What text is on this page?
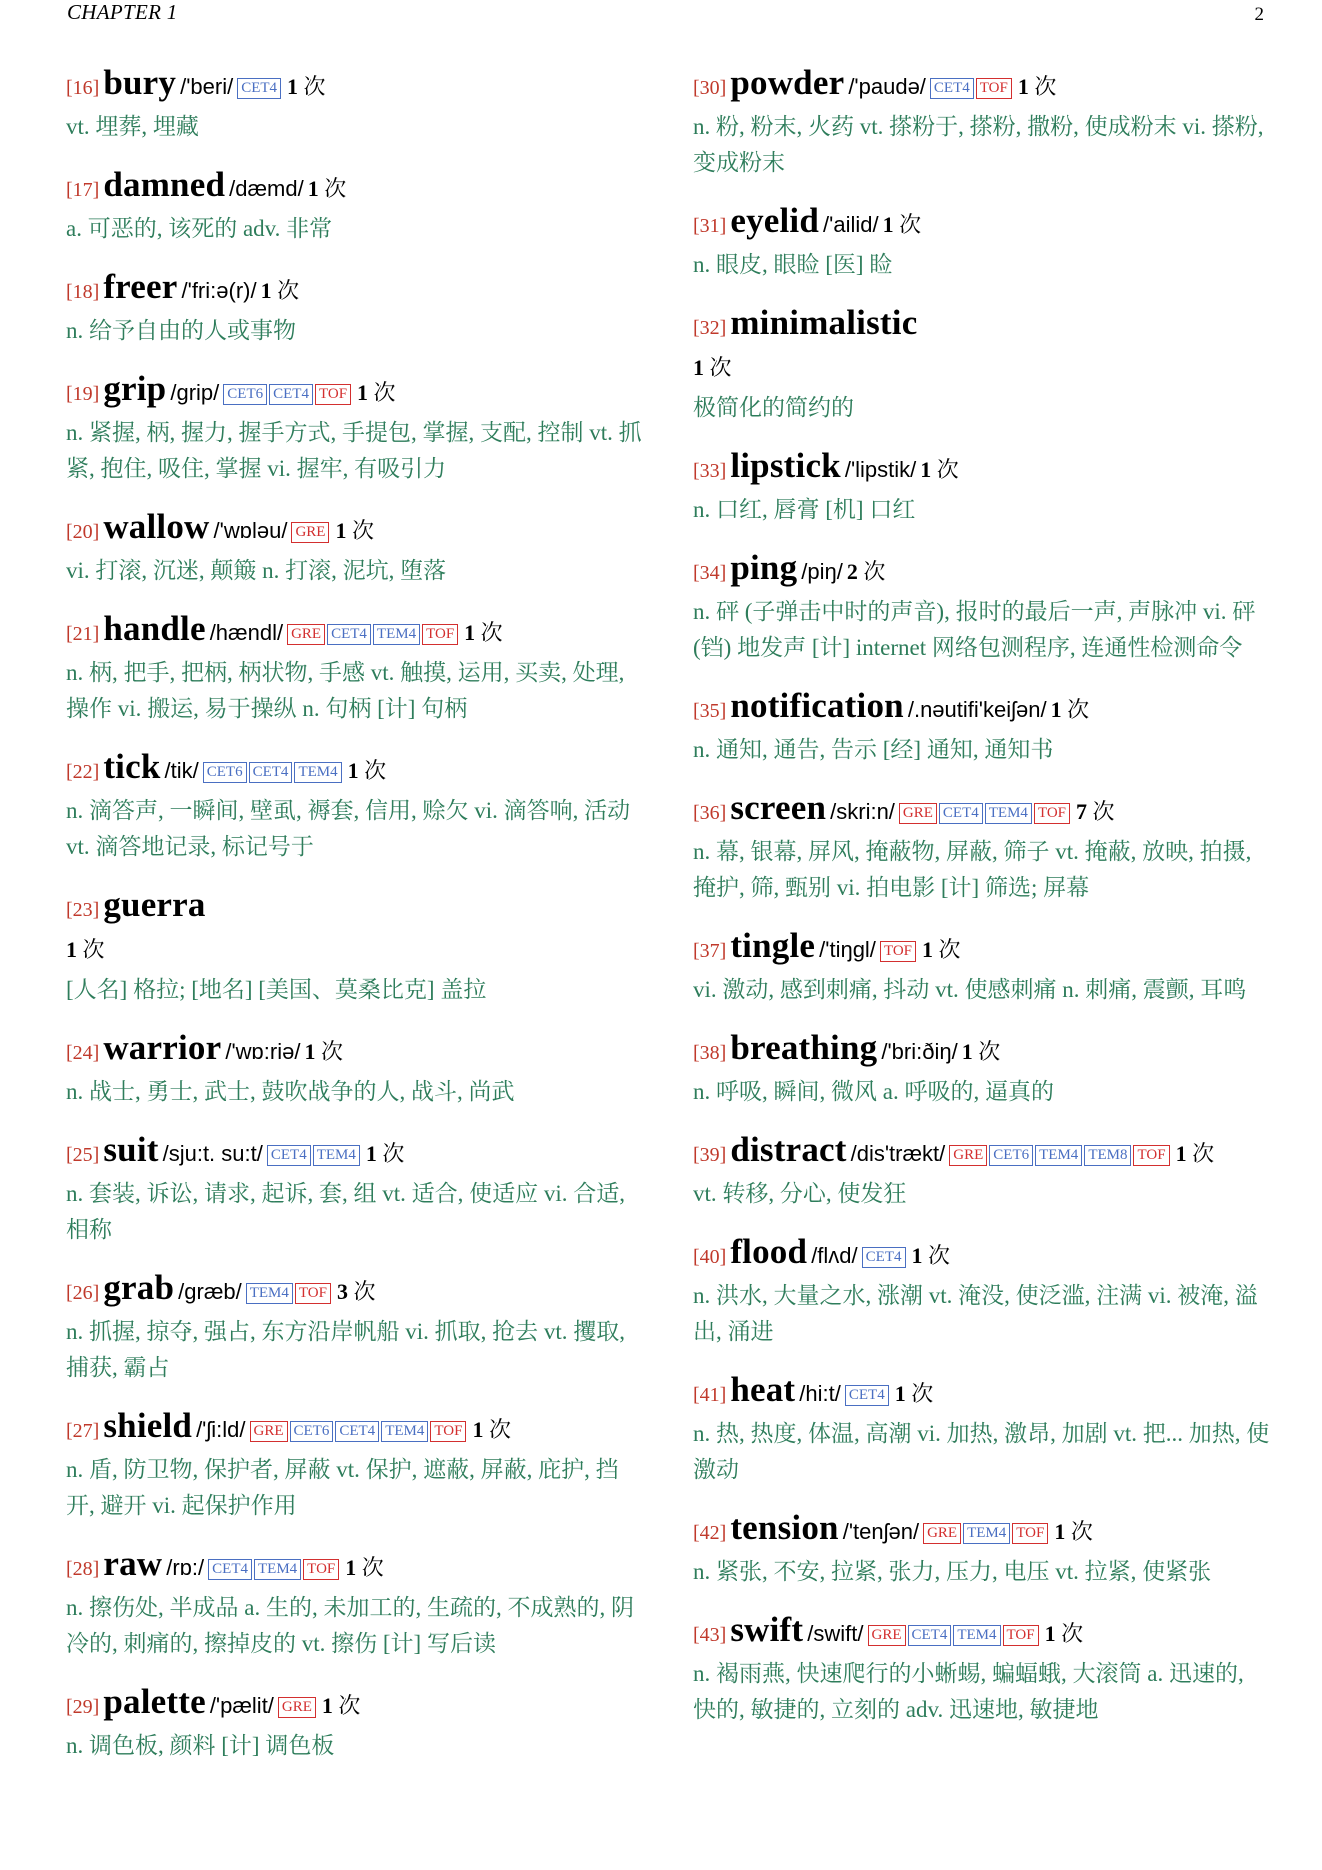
CHAPTER 1	2
[16] bury /'beri/ CET4 1 次
vt. 埋葬, 埋藏
[17] damned /dæmd/ 1 次
a. 可恶的, 该死的 adv. 非常
[18] freer /'fri:ə(r)/ 1 次
n. 给予自由的人或事物
[19] grip /grip/ CET6 CET4 TOF 1 次
n. 紧握, 柄, 握力, 握手方式, 手提包, 掌握, 支配, 控制 vt. 抓紧, 抱住, 吸住, 掌握 vi. 握牢, 有吸引力
[20] wallow /'wɒləu/ GRE 1 次
vi. 打滚, 沉迷, 颠簸 n. 打滚, 泥坑, 堕落
[21] handle /hændl/ GRE CET4 TEM4 TOF 1 次
n. 柄, 把手, 把柄, 柄状物, 手感 vt. 触摸, 运用, 买卖, 处理, 操作 vi. 搬运, 易于操纵 n. 句柄 [计] 句柄
[22] tick /tik/ CET6 CET4 TEM4 1 次
n. 滴答声, 一瞬间, 壁虱, 褥套, 信用, 赊欠 vi. 滴答响, 活动 vt. 滴答地记录, 标记号于
[23] guerra
1 次
[人名] 格拉; [地名] [美国、莫桑比克] 盖拉
[24] warrior /'wɒ:riə/ 1 次
n. 战士, 勇士, 武士, 鼓吹战争的人, 战斗, 尚武
[25] suit /sju:t. su:t/ CET4 TEM4 1 次
n. 套装, 诉讼, 请求, 起诉, 套, 组 vt. 适合, 使适应 vi. 合适, 相称
[26] grab /græb/ TEM4 TOF 3 次
n. 抓握, 掠夺, 强占, 东方沿岸帆船 vi. 抓取, 抢去 vt. 攫取, 捕获, 霸占
[27] shield /'ʃi:ld/ GRE CET6 CET4 TEM4 TOF 1 次
n. 盾, 防卫物, 保护者, 屏蔽 vt. 保护, 遮蔽, 屏蔽, 庇护, 挡开, 避开 vi. 起保护作用
[28] raw /rɒ:/ CET4 TEM4 TOF 1 次
n. 擦伤处, 半成品 a. 生的, 未加工的, 生疏的, 不成熟的, 阴冷的, 刺痛的, 擦掉皮的 vt. 擦伤 [计] 写后读
[29] palette /'pælit/ GRE 1 次
n. 调色板, 颜料 [计] 调色板
[30] powder /'paudə/ CET4 TOF 1 次
n. 粉, 粉末, 火药 vt. 搽粉于, 搽粉, 撒粉, 使成粉末 vi. 搽粉, 变成粉末
[31] eyelid /'ailid/ 1 次
n. 眼皮, 眼睑 [医] 睑
[32] minimalistic
1 次
极简化的简约的
[33] lipstick /'lipstik/ 1 次
n. 口红, 唇膏 [机] 口红
[34] ping /piŋ/ 2 次
n. 砰 (子弹击中时的声音), 报时的最后一声, 声脉冲 vi. 砰 (铛) 地发声 [计] internet 网络包测程序, 连通性检测命令
[35] notification /.nəutifi'keiʃən/ 1 次
n. 通知, 通告, 告示 [经] 通知, 通知书
[36] screen /skri:n/ GRE CET4 TEM4 TOF 7 次
n. 幕, 银幕, 屏风, 掩蔽物, 屏蔽, 筛子 vt. 掩蔽, 放映, 拍摄, 掩护, 筛, 甄别 vi. 拍电影 [计] 筛选; 屏幕
[37] tingle /'tiŋgl/ TOF 1 次
vi. 激动, 感到刺痛, 抖动 vt. 使感刺痛 n. 刺痛, 震颤, 耳鸣
[38] breathing /'bri:ðiŋ/ 1 次
n. 呼吸, 瞬间, 微风 a. 呼吸的, 逼真的
[39] distract /dis'trækt/ GRE CET6 TEM4 TEM8 TOF 1 次
vt. 转移, 分心, 使发狂
[40] flood /flʌd/ CET4 1 次
n. 洪水, 大量之水, 涨潮 vt. 淹没, 使泛滥, 注满 vi. 被淹, 溢出, 涌进
[41] heat /hi:t/ CET4 1 次
n. 热, 热度, 体温, 高潮 vi. 加热, 激昂, 加剧 vt. 把... 加热, 使激动
[42] tension /'tenʃən/ GRE TEM4 TOF 1 次
n. 紧张, 不安, 拉紧, 张力, 压力, 电压 vt. 拉紧, 使紧张
[43] swift /swift/ GRE CET4 TEM4 TOF 1 次
n. 褐雨燕, 快速爬行的小蜥蜴, 蝙蝠蛾, 大滚筒 a. 迅速的, 快的, 敏捷的, 立刻的 adv. 迅速地, 敏捷地
